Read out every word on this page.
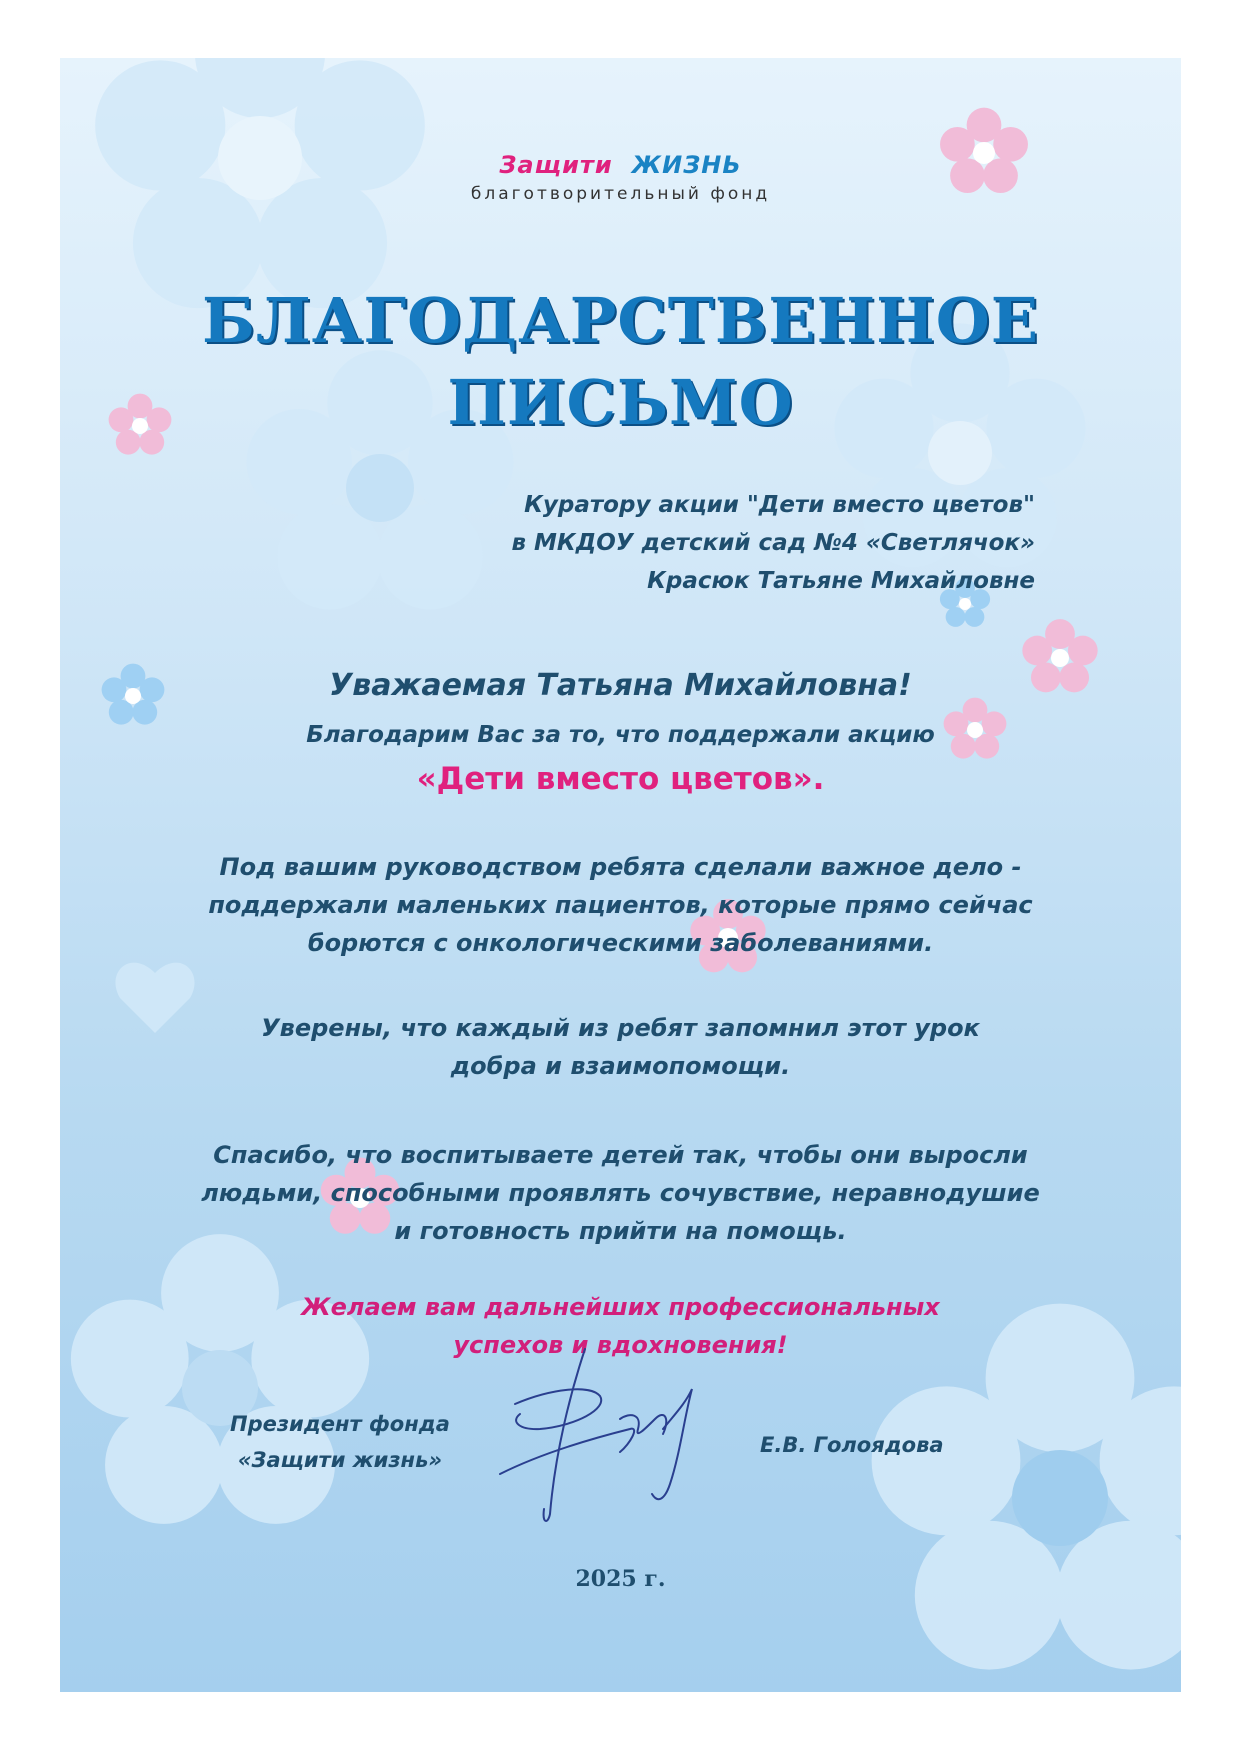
Защити ЖИЗНЬ
благотворительный фонд
БЛАГОДАРСТВЕННОЕ
ПИСЬМО
Куратору акции "Дети вместо цветов"
в МКДОУ детский сад №4 «Светлячок»
Красюк Татьяне Михайловне
Уважаемая Татьяна Михайловна!
Благодарим Вас за то, что поддержали акцию
«Дети вместо цветов».
Под вашим руководством ребята сделали важное дело -
поддержали маленьких пациентов, которые прямо сейчас
борются с онкологическими заболеваниями.
Уверены, что каждый из ребят запомнил этот урок
добра и взаимопомощи.
Спасибо, что воспитываете детей так, чтобы они выросли
людьми, способными проявлять сочувствие, неравнодушие
и готовность прийти на помощь.
Желаем вам дальнейших профессиональных
успехов и вдохновения!
Президент фонда
«Защити жизнь»
Е.В. Голоядова
2025 г.
